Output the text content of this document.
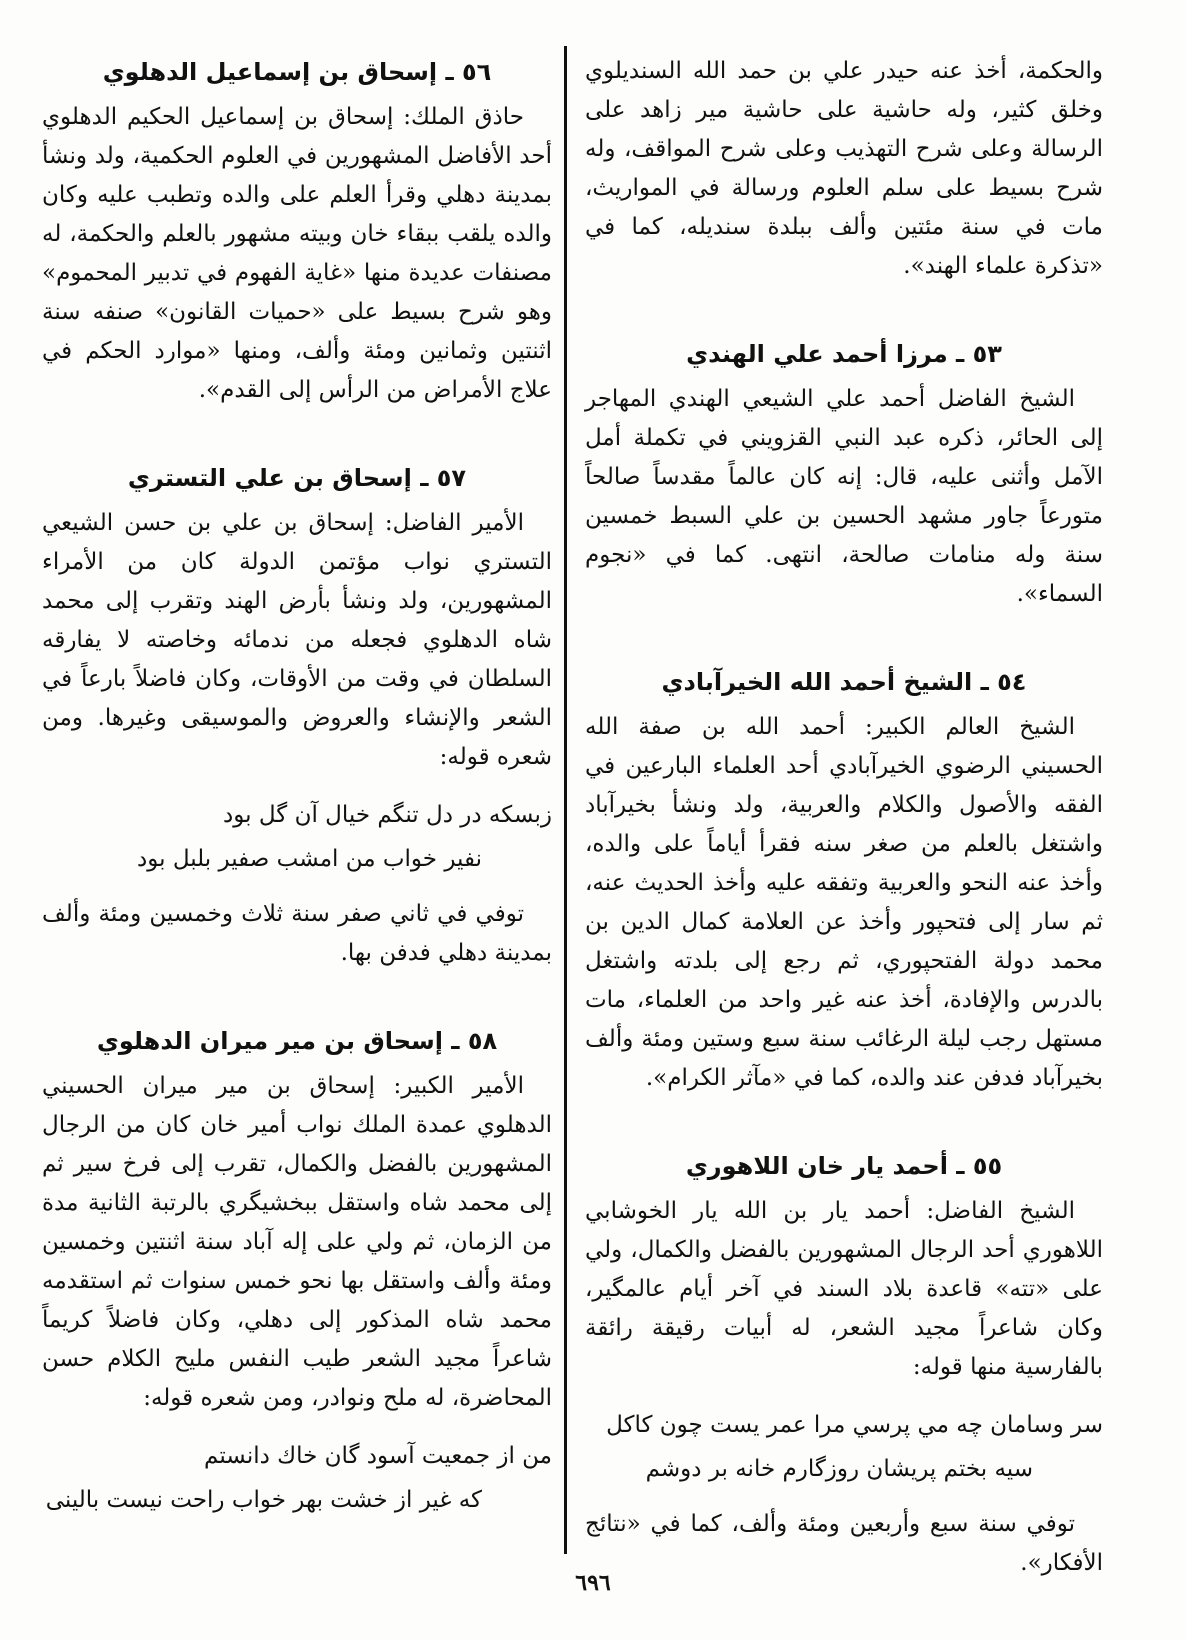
والحكمة، أخذ عنه حيدر علي بن حمد الله السنديلوي وخلق كثير، وله حاشية على حاشية مير زاهد على الرسالة وعلى شرح التهذيب وعلى شرح المواقف، وله شرح بسيط على سلم العلوم ورسالة في المواريث، مات في سنة مئتين وألف ببلدة سنديله، كما في «تذكرة علماء الهند».

٥٣ ـ مرزا أحمد علي الهندي

الشيخ الفاضل أحمد علي الشيعي الهندي المهاجر إلى الحائر، ذكره عبد النبي القزويني في تكملة أمل الآمل وأثنى عليه، قال: إنه كان عالماً مقدساً صالحاً متورعاً جاور مشهد الحسين بن علي السبط خمسين سنة وله منامات صالحة، انتهى. كما في «نجوم السماء».

٥٤ ـ الشيخ أحمد الله الخيرآبادي

الشيخ العالم الكبير: أحمد الله بن صفة الله الحسيني الرضوي الخيرآبادي أحد العلماء البارعين في الفقه والأصول والكلام والعربية، ولد ونشأ بخيرآباد واشتغل بالعلم من صغر سنه فقرأ أياماً على والده، وأخذ عنه النحو والعربية وتفقه عليه وأخذ الحديث عنه، ثم سار إلى فتحپور وأخذ عن العلامة كمال الدين بن محمد دولة الفتحپوري، ثم رجع إلى بلدته واشتغل بالدرس والإفادة، أخذ عنه غير واحد من العلماء، مات مستهل رجب ليلة الرغائب سنة سبع وستين ومئة وألف بخيرآباد فدفن عند والده، كما في «مآثر الكرام».

٥٥ ـ أحمد يار خان اللاهوري

الشيخ الفاضل: أحمد يار بن الله يار الخوشابي اللاهوري أحد الرجال المشهورين بالفضل والكمال، ولي على «تته» قاعدة بلاد السند في آخر أيام عالمگير، وكان شاعراً مجيد الشعر، له أبيات رقيقة رائقة بالفارسية منها قوله:

سر وسامان چه مي پرسي مرا عمر يست چون كاكل
سيه بختم پريشان روزگارم خانه بر دوشم

توفي سنة سبع وأربعين ومئة وألف، كما في «نتائج الأفكار».

٥٦ ـ إسحاق بن إسماعيل الدهلوي

حاذق الملك: إسحاق بن إسماعيل الحكيم الدهلوي أحد الأفاضل المشهورين في العلوم الحكمية، ولد ونشأ بمدينة دهلي وقرأ العلم على والده وتطبب عليه وكان والده يلقب ببقاء خان وبيته مشهور بالعلم والحكمة، له مصنفات عديدة منها «غاية الفهوم في تدبير المحموم» وهو شرح بسيط على «حميات القانون» صنفه سنة اثنتين وثمانين ومئة وألف، ومنها «موارد الحكم في علاج الأمراض من الرأس إلى القدم».

٥٧ ـ إسحاق بن علي التستري

الأمير الفاضل: إسحاق بن علي بن حسن الشيعي التستري نواب مؤتمن الدولة كان من الأمراء المشهورين، ولد ونشأ بأرض الهند وتقرب إلى محمد شاه الدهلوي فجعله من ندمائه وخاصته لا يفارقه السلطان في وقت من الأوقات، وكان فاضلاً بارعاً في الشعر والإنشاء والعروض والموسيقى وغيرها. ومن شعره قوله:

زبسكه در دل تنگم خيال آن گل بود
نفير خواب من امشب صفير بلبل بود

توفي في ثاني صفر سنة ثلاث وخمسين ومئة وألف بمدينة دهلي فدفن بها.

٥٨ ـ إسحاق بن مير ميران الدهلوي

الأمير الكبير: إسحاق بن مير ميران الحسيني الدهلوي عمدة الملك نواب أمير خان كان من الرجال المشهورين بالفضل والكمال، تقرب إلى فرخ سير ثم إلى محمد شاه واستقل ببخشيگري بالرتبة الثانية مدة من الزمان، ثم ولي على إله آباد سنة اثنتين وخمسين ومئة وألف واستقل بها نحو خمس سنوات ثم استقدمه محمد شاه المذكور إلى دهلي، وكان فاضلاً كريماً شاعراً مجيد الشعر طيب النفس مليح الكلام حسن المحاضرة، له ملح ونوادر، ومن شعره قوله:

من از جمعيت آسود گان خاك دانستم
كه غير از خشت بهر خواب راحت نيست بالينى
٦٩٦
